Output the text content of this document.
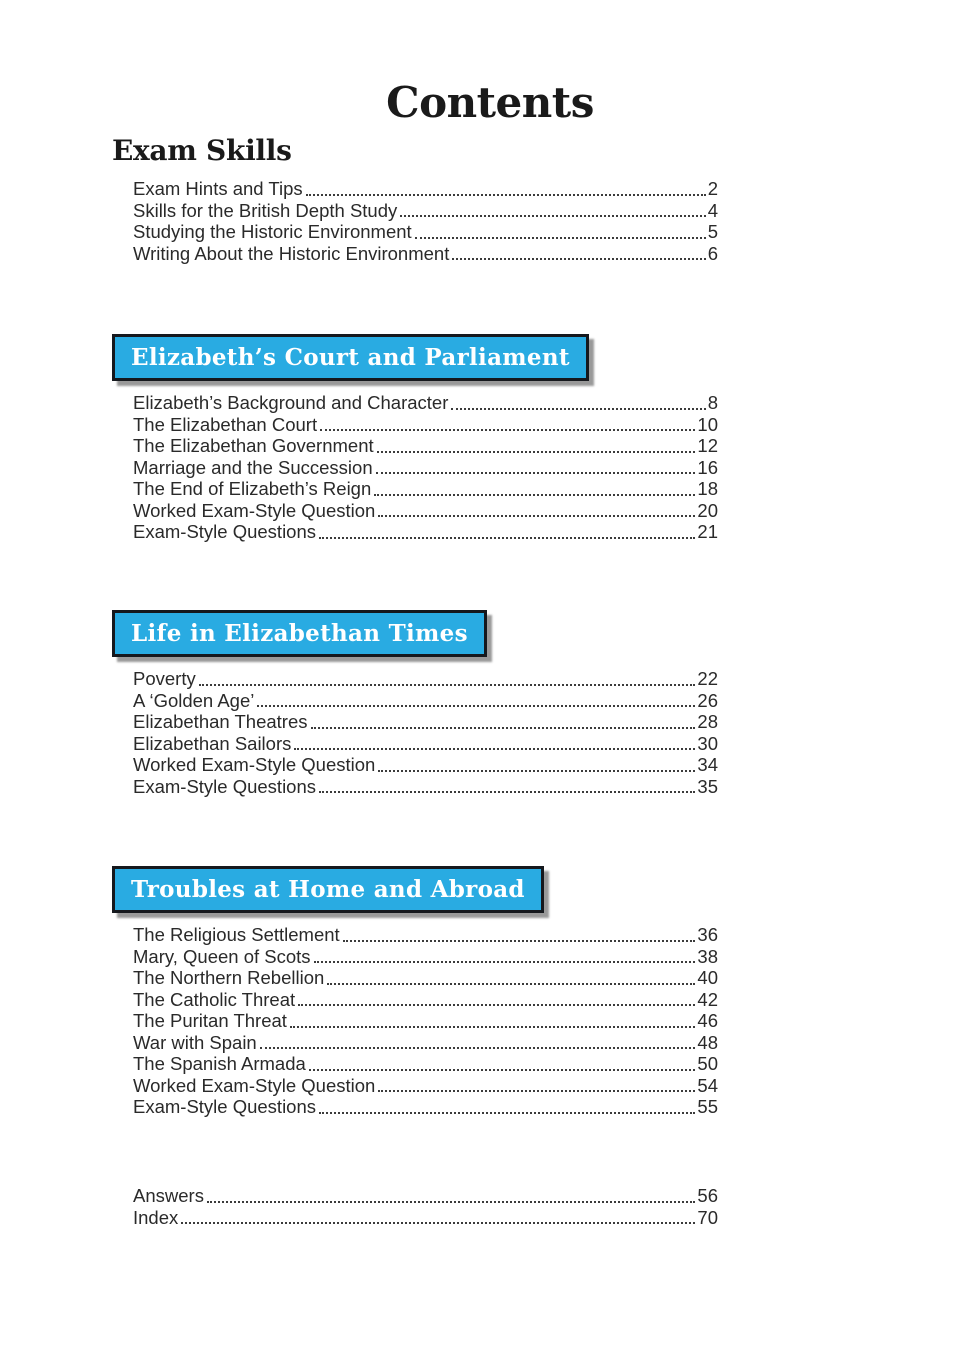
Contents
Exam Skills
Exam Hints and Tips	2
Skills for the British Depth Study	4
Studying the Historic Environment	5
Writing About the Historic Environment	6
Elizabeth’s Court and Parliament
Elizabeth’s Background and Character	8
The Elizabethan Court	10
The Elizabethan Government	12
Marriage and the Succession	16
The End of Elizabeth’s Reign	18
Worked Exam-Style Question	20
Exam-Style Questions	21
Life in Elizabethan Times
Poverty	22
A ‘Golden Age’	26
Elizabethan Theatres	28
Elizabethan Sailors	30
Worked Exam-Style Question	34
Exam-Style Questions	35
Troubles at Home and Abroad
The Religious Settlement	36
Mary, Queen of Scots	38
The Northern Rebellion	40
The Catholic Threat	42
The Puritan Threat	46
War with Spain	48
The Spanish Armada	50
Worked Exam-Style Question	54
Exam-Style Questions	55
Answers	56
Index	70
